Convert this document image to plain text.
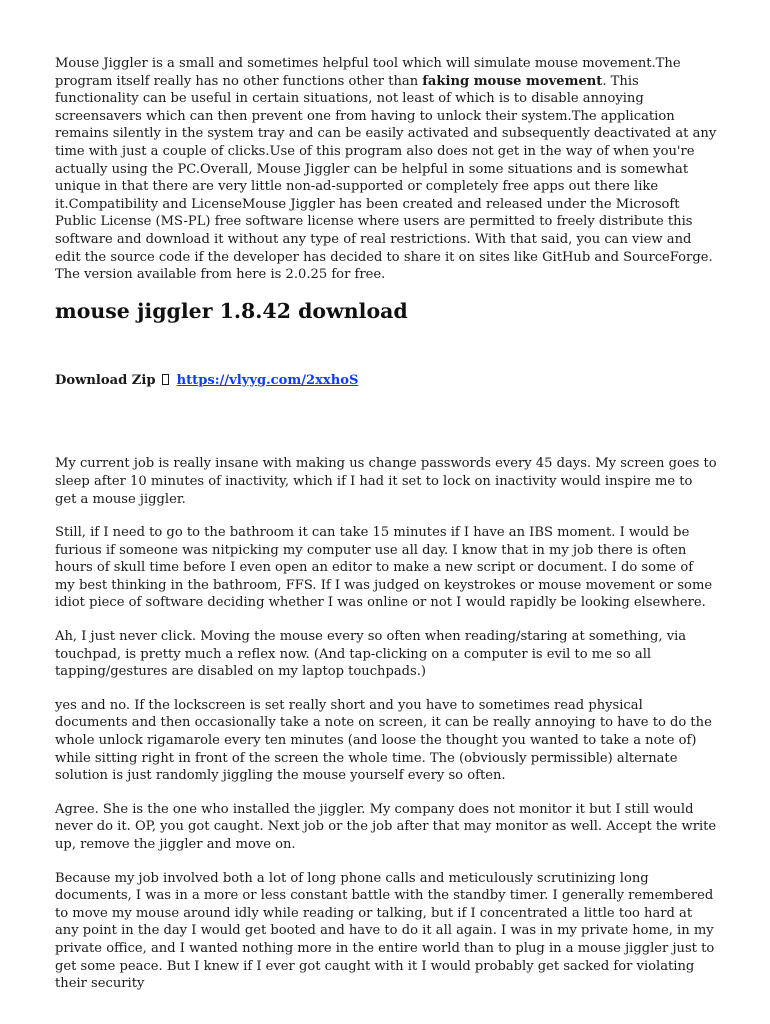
Mouse Jiggler is a small and sometimes helpful tool which will simulate mouse movement.The program itself really has no other functions other than faking mouse movement. This functionality can be useful in certain situations, not least of which is to disable annoying screensavers which can then prevent one from having to unlock their system.The application remains silently in the system tray and can be easily activated and subsequently deactivated at any time with just a couple of clicks.Use of this program also does not get in the way of when you're actually using the PC.Overall, Mouse Jiggler can be helpful in some situations and is somewhat unique in that there are very little non-ad-supported or completely free apps out there like it.Compatibility and LicenseMouse Jiggler has been created and released under the Microsoft Public License (MS-PL) free software license where users are permitted to freely distribute this software and download it without any type of real restrictions. With that said, you can view and edit the source code if the developer has decided to share it on sites like GitHub and SourceForge. The version available from here is 2.0.25 for free.

mouse jiggler 1.8.42 download
Download Zip https://vlyyg.com/2xxhoS

My current job is really insane with making us change passwords every 45 days. My screen goes to sleep after 10 minutes of inactivity, which if I had it set to lock on inactivity would inspire me to get a mouse jiggler.

Still, if I need to go to the bathroom it can take 15 minutes if I have an IBS moment. I would be furious if someone was nitpicking my computer use all day. I know that in my job there is often hours of skull time before I even open an editor to make a new script or document. I do some of my best thinking in the bathroom, FFS. If I was judged on keystrokes or mouse movement or some idiot piece of software deciding whether I was online or not I would rapidly be looking elsewhere.

Ah, I just never click. Moving the mouse every so often when reading/staring at something, via touchpad, is pretty much a reflex now. (And tap-clicking on a computer is evil to me so all tapping/gestures are disabled on my laptop touchpads.)

yes and no. If the lockscreen is set really short and you have to sometimes read physical documents and then occasionally take a note on screen, it can be really annoying to have to do the whole unlock rigamarole every ten minutes (and loose the thought you wanted to take a note of) while sitting right in front of the screen the whole time. The (obviously permissible) alternate solution is just randomly jiggling the mouse yourself every so often.

Agree. She is the one who installed the jiggler. My company does not monitor it but I still would never do it. OP, you got caught. Next job or the job after that may monitor as well. Accept the write up, remove the jiggler and move on.

Because my job involved both a lot of long phone calls and meticulously scrutinizing long documents, I was in a more or less constant battle with the standby timer. I generally remembered to move my mouse around idly while reading or talking, but if I concentrated a little too hard at any point in the day I would get booted and have to do it all again. I was in my private home, in my private office, and I wanted nothing more in the entire world than to plug in a mouse jiggler just to get some peace. But I knew if I ever got caught with it I would probably get sacked for violating their security
